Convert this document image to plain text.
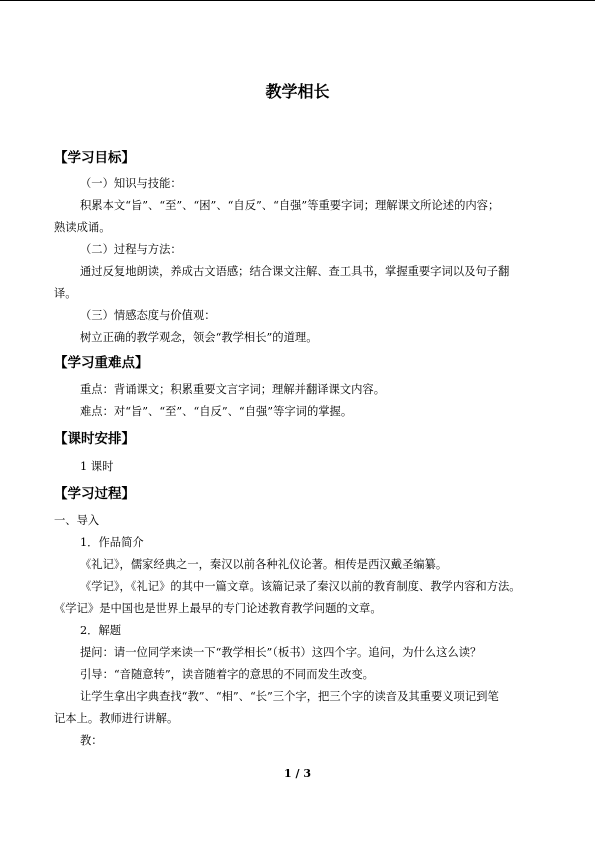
教学相长
【学习目标】
（一）知识与技能：
积累本文“旨”、“至”、“困”、“自反”、“自强”等重要字词；理解课文所论述的内容；
熟读成诵。
（二）过程与方法：
通过反复地朗读，养成古文语感；结合课文注解、查工具书，掌握重要字词以及句子翻
译。
（三）情感态度与价值观：
树立正确的教学观念，领会“教学相长”的道理。
【学习重难点】
重点：背诵课文；积累重要文言字词；理解并翻译课文内容。
难点：对“旨”、“至”、“自反”、“自强”等字词的掌握。
【课时安排】
1 课时
【学习过程】
一、导入
1．作品简介
《礼记》，儒家经典之一，秦汉以前各种礼仪论著。相传是西汉戴圣编纂。
《学记》，《礼记》的其中一篇文章。该篇记录了秦汉以前的教育制度、教学内容和方法。
《学记》是中国也是世界上最早的专门论述教育教学问题的文章。
2．解题
提问：请一位同学来读一下“教学相长”（板书）这四个字。追问，为什么这么读？
引导：“音随意转”，读音随着字的意思的不同而发生改变。
让学生拿出字典查找“教”、“相”、“长”三个字，把三个字的读音及其重要义项记到笔
记本上。教师进行讲解。
教：
1 / 3
